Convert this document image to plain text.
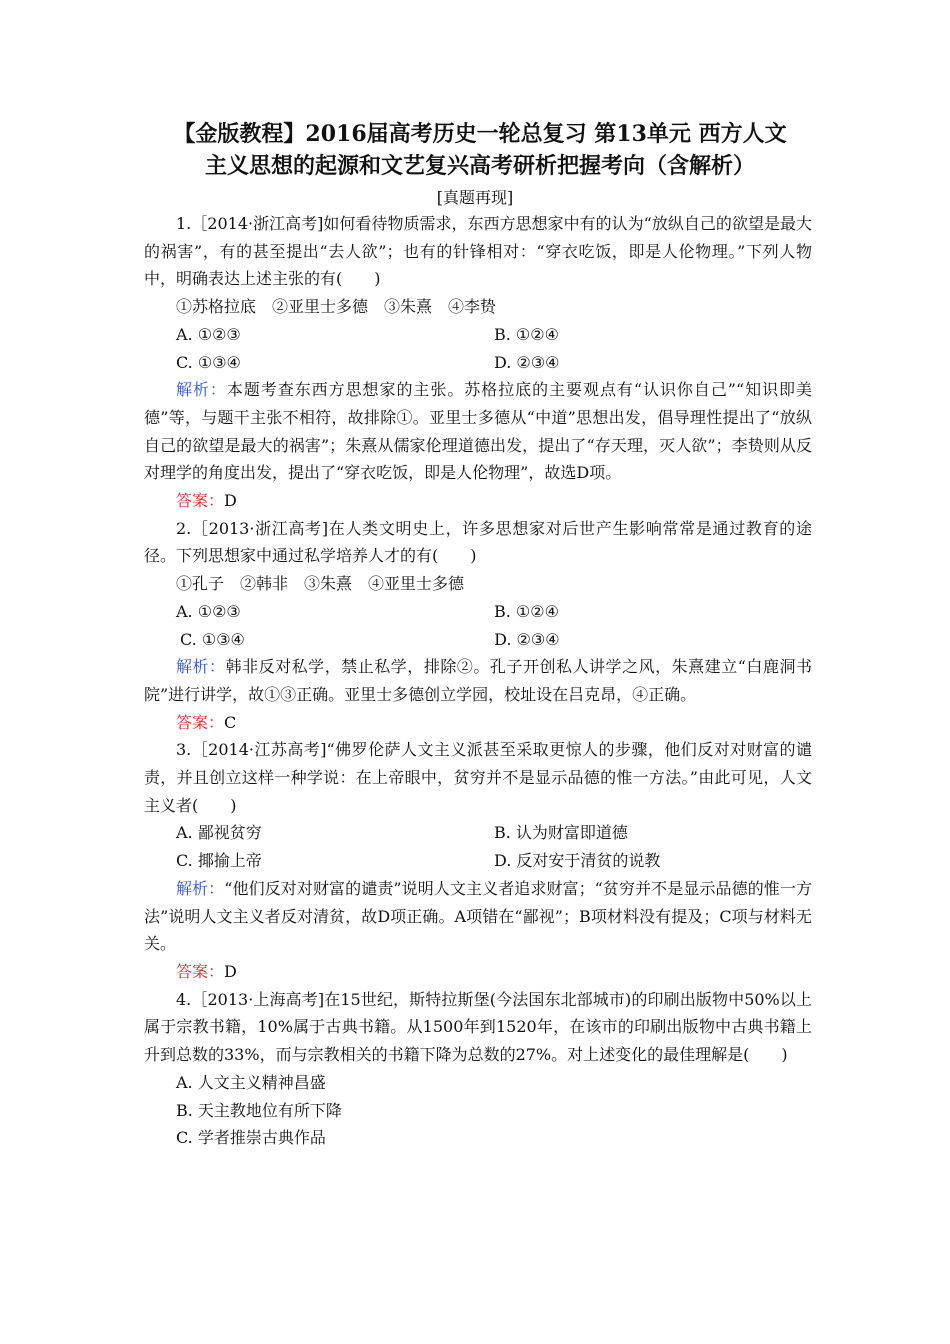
【金版教程】2016届高考历史一轮总复习 第13单元 西方人文
主义思想的起源和文艺复兴高考研析把握考向（含解析）
[真题再现]

1.［2014·浙江高考]如何看待物质需求，东西方思想家中有的认为“放纵自己的欲望是最大的祸害”，有的甚至提出“去人欲”；也有的针锋相对：“穿衣吃饭，即是人伦物理。”下列人物中，明确表达上述主张的有(　　)

①苏格拉底　②亚里士多德　③朱熹　④李贽

A. ①②③	B. ①②④
C. ①③④	D. ②③④

解析：本题考查东西方思想家的主张。苏格拉底的主要观点有“认识你自己”“知识即美德”等，与题干主张不相符，故排除①。亚里士多德从“中道”思想出发，倡导理性提出了“放纵自己的欲望是最大的祸害”；朱熹从儒家伦理道德出发，提出了“存天理，灭人欲”；李贽则从反对理学的角度出发，提出了“穿衣吃饭，即是人伦物理”，故选D项。

答案：D

2.［2013·浙江高考]在人类文明史上，许多思想家对后世产生影响常常是通过教育的途径。下列思想家中通过私学培养人才的有(　　)

①孔子　②韩非　③朱熹　④亚里士多德

A. ①②③	B. ①②④
C. ①③④	D. ②③④

解析：韩非反对私学，禁止私学，排除②。孔子开创私人讲学之风，朱熹建立“白鹿洞书院”进行讲学，故①③正确。亚里士多德创立学园，校址设在吕克昂，④正确。

答案：C

3.［2014·江苏高考]“佛罗伦萨人文主义派甚至采取更惊人的步骤，他们反对对财富的谴责，并且创立这样一种学说：在上帝眼中，贫穷并不是显示品德的惟一方法。”由此可见，人文主义者(　　)

A. 鄙视贫穷	B. 认为财富即道德
C. 揶揄上帝	D. 反对安于清贫的说教

解析：“他们反对对财富的谴责”说明人文主义者追求财富；“贫穷并不是显示品德的惟一方法”说明人文主义者反对清贫，故D项正确。A项错在“鄙视”；B项材料没有提及；C项与材料无关。

答案：D

4.［2013·上海高考]在15世纪，斯特拉斯堡(今法国东北部城市)的印刷出版物中50%以上属于宗教书籍，10%属于古典书籍。从1500年到1520年，在该市的印刷出版物中古典书籍上升到总数的33%，而与宗教相关的书籍下降为总数的27%。对上述变化的最佳理解是(　　)

A. 人文主义精神昌盛

B. 天主教地位有所下降

C. 学者推崇古典作品
